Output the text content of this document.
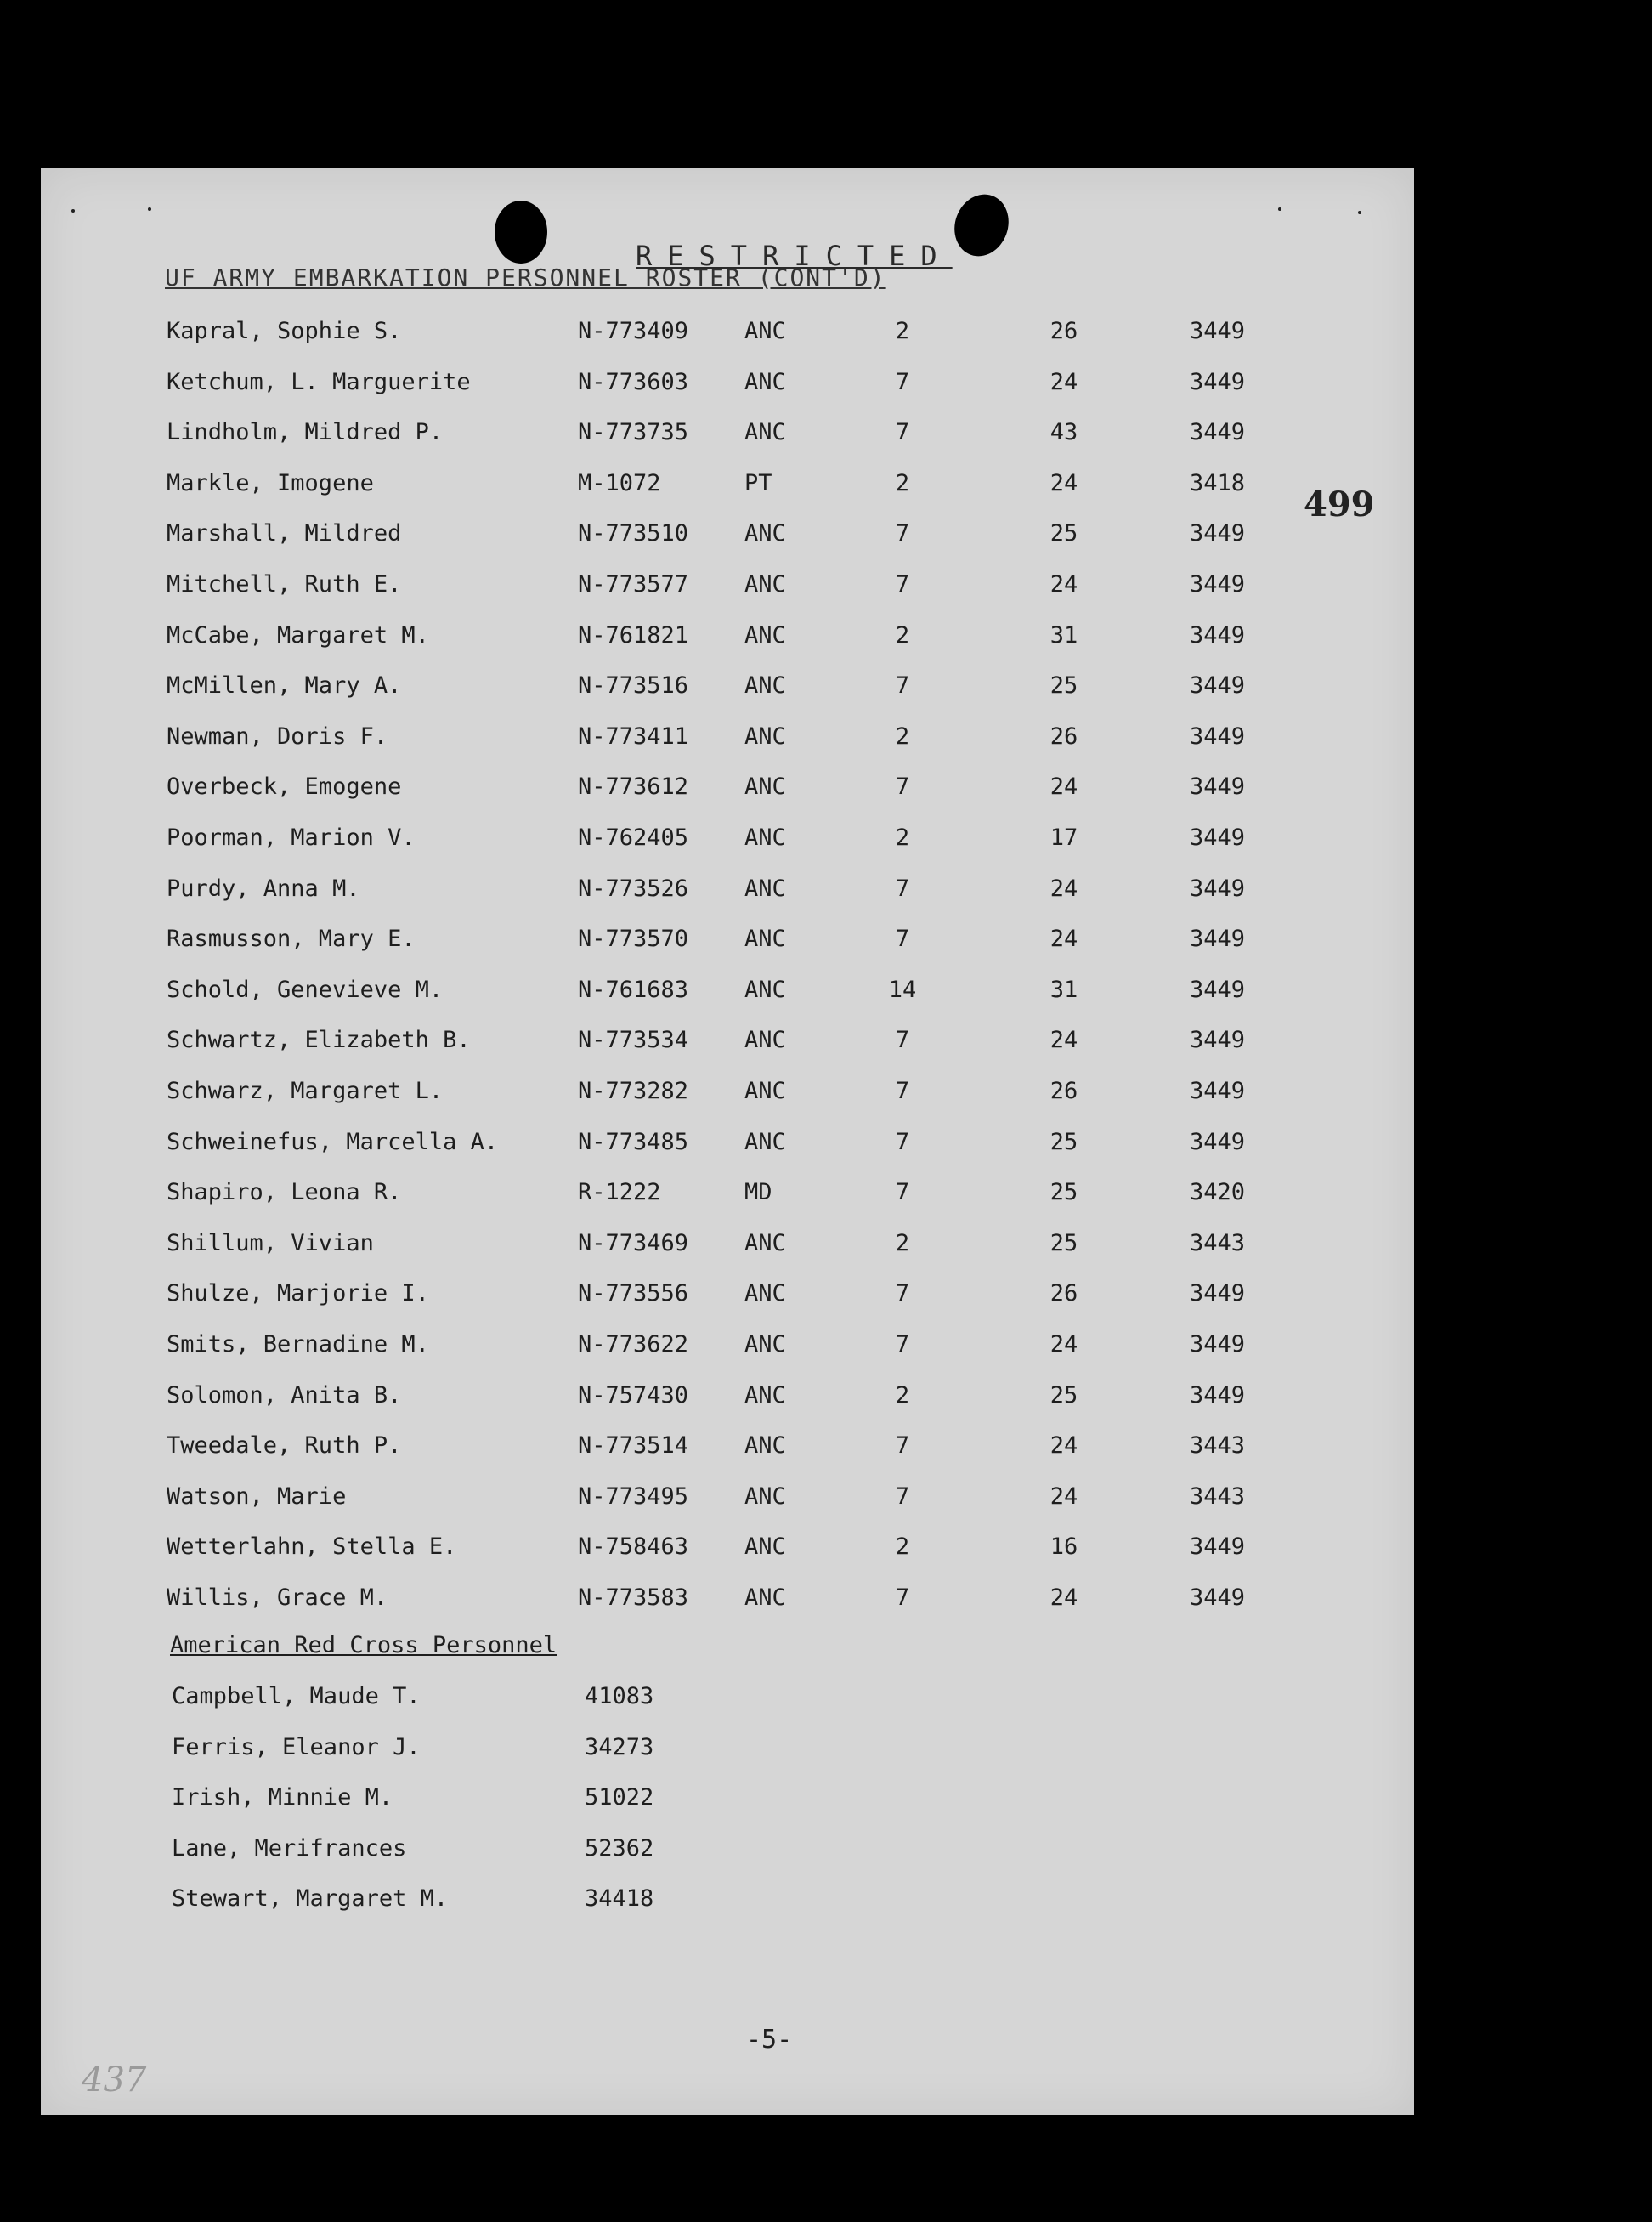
RESTRICTED
UF ARMY EMBARKATION PERSONNEL ROSTER (CONT'D)
499
Kapral, Sophie S.	N-773409 ANC	2	26	3449
Ketchum, L. Marguerite	N-773603 ANC	7	24	3449
Lindholm, Mildred P.	N-773735 ANC	7	43	3449
Markle, Imogene	M-1072	PT	2	24	3418
Marshall, Mildred	N-773510 ANC	7	25	3449
Mitchell, Ruth E.	N-773577 ANC	7	24	3449
McCabe, Margaret M.	N-761821 ANC	2	31	3449
McMillen, Mary A.	N-773516 ANC	7	25	3449
Newman, Doris F.	N-773411 ANC	2	26	3449
Overbeck, Emogene	N-773612 ANC	7	24	3449
Poorman, Marion V.	N-762405 ANC	2	17	3449
Purdy, Anna M.	N-773526 ANC	7	24	3449
Rasmusson, Mary E.	N-773570 ANC	7	24	3449
Schold, Genevieve M.	N-761683 ANC	14	31	3449
Schwartz, Elizabeth B.	N-773534 ANC	7	24	3449
Schwarz, Margaret L.	N-773282 ANC	7	26	3449
Schweinefus, Marcella A.	N-773485 ANC	7	25	3449
Shapiro, Leona R.	R-1222	MD	7	25	3420
Shillum, Vivian	N-773469 ANC	2	25	3443
Shulze, Marjorie I.	N-773556 ANC	7	26	3449
Smits, Bernadine M.	N-773622 ANC	7	24	3449
Solomon, Anita B.	N-757430 ANC	2	25	3449
Tweedale, Ruth P.	N-773514 ANC	7	24	3443
Watson, Marie	N-773495 ANC	7	24	3443
Wetterlahn, Stella E.	N-758463 ANC	2	16	3449
Willis, Grace M.	N-773583 ANC	7	24	3449
American Red Cross Personnel
Campbell, Maude T.	41083
Ferris, Eleanor J.	34273
Irish, Minnie M.	51022
Lane, Merifrances	52362
Stewart, Margaret M.	34418
-5-
437
